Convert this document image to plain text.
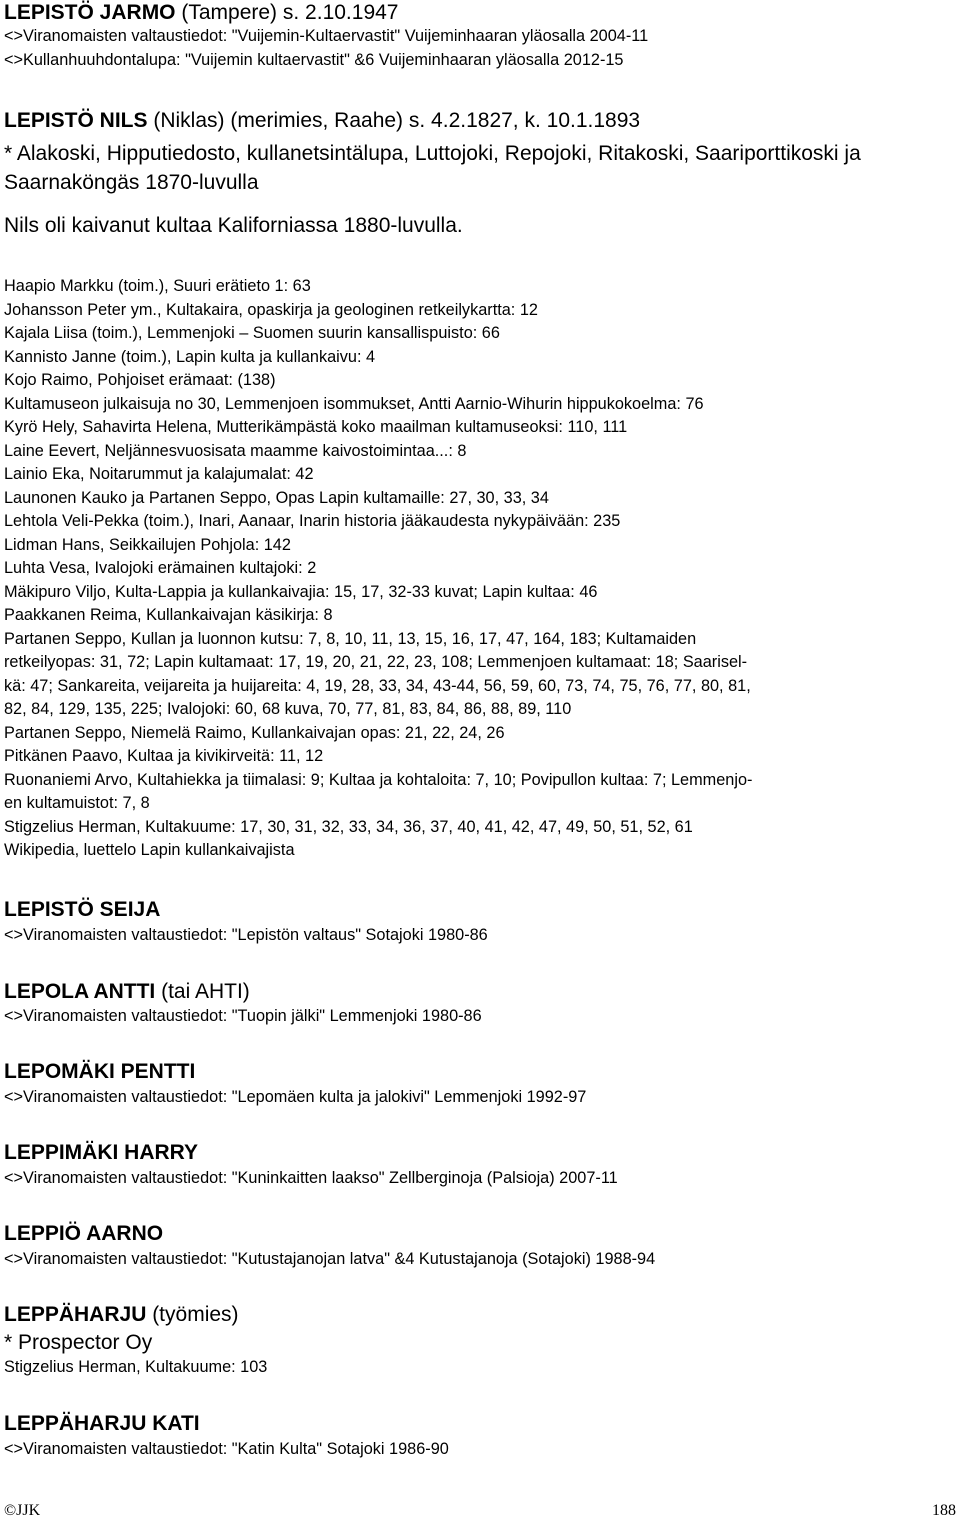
LEPISTÖ JARMO (Tampere) s. 2.10.1947
<>Viranomaisten valtaustiedot: "Vuijemin-Kultaervastit" Vuijeminhaaran yläosalla 2004-11
<>Kullanhuuhdontalupa: "Vuijemin kultaervastit" &6 Vuijeminhaaran yläosalla 2012-15
LEPISTÖ NILS (Niklas) (merimies, Raahe) s. 4.2.1827, k. 10.1.1893
* Alakoski, Hipputiedosto, kullanetsintälupa, Luttojoki, Repojoki, Ritakoski, Saariporttikoski ja Saarnaköngäs 1870-luvulla
Nils oli kaivanut kultaa Kaliforniassa 1880-luvulla.
Haapio Markku (toim.), Suuri erätieto 1: 63
Johansson Peter ym., Kultakaira, opaskirja ja geologinen retkeilykartta: 12
Kajala Liisa (toim.), Lemmenjoki – Suomen suurin kansallispuisto: 66
Kannisto Janne (toim.), Lapin kulta ja kullankaivu: 4
Kojo Raimo, Pohjoiset erämaat: (138)
Kultamuseon julkaisuja no 30, Lemmenjoen isommukset, Antti Aarnio-Wihurin hippukokoelma: 76
Kyrö Hely, Sahavirta Helena, Mutterikämpästä koko maailman kultamuseoksi: 110, 111
Laine Eevert, Neljännesvuosisata maamme kaivostoimintaa...: 8
Lainio Eka, Noitarummut ja kalajumalat: 42
Launonen Kauko ja Partanen Seppo, Opas Lapin kultamaille: 27, 30, 33, 34
Lehtola Veli-Pekka (toim.), Inari, Aanaar, Inarin historia jääkaudesta nykypäivään: 235
Lidman Hans, Seikkailujen Pohjola: 142
Luhta Vesa, Ivalojoki erämainen kultajoki: 2
Mäkipuro Viljo, Kulta-Lappia ja kullankaivajia: 15, 17, 32-33 kuvat; Lapin kultaa: 46
Paakkanen Reima, Kullankaivajan käsikirja: 8
Partanen Seppo, Kullan ja luonnon kutsu: 7, 8, 10, 11, 13, 15, 16, 17, 47, 164, 183; Kultamaiden
retkeilyopas: 31, 72; Lapin kultamaat: 17, 19, 20, 21, 22, 23, 108; Lemmenjoen kultamaat: 18; Saarisel-
kä: 47; Sankareita, veijareita ja huijareita: 4, 19, 28, 33, 34, 43-44, 56, 59, 60, 73, 74, 75, 76, 77, 80, 81,
82, 84, 129, 135, 225; Ivalojoki: 60, 68 kuva, 70, 77, 81, 83, 84, 86, 88, 89, 110
Partanen Seppo, Niemelä Raimo, Kullankaivajan opas: 21, 22, 24, 26
Pitkänen Paavo, Kultaa ja kivikirveitä: 11, 12
Ruonaniemi Arvo, Kultahiekka ja tiimalasi: 9; Kultaa ja kohtaloita: 7, 10; Povipullon kultaa: 7; Lemmenjo-
en kultamuistot: 7, 8
Stigzelius Herman, Kultakuume: 17, 30, 31, 32, 33, 34, 36, 37, 40, 41, 42, 47, 49, 50, 51, 52, 61
Wikipedia, luettelo Lapin kullankaivajista
LEPISTÖ SEIJA
<>Viranomaisten valtaustiedot: "Lepistön valtaus" Sotajoki 1980-86
LEPOLA ANTTI (tai AHTI)
<>Viranomaisten valtaustiedot: "Tuopin jälki" Lemmenjoki 1980-86
LEPOMÄKI PENTTI
<>Viranomaisten valtaustiedot: "Lepomäen kulta ja jalokivi" Lemmenjoki 1992-97
LEPPIMÄKI HARRY
<>Viranomaisten valtaustiedot: "Kuninkaitten laakso" Zellberginoja (Palsioja) 2007-11
LEPPIÖ AARNO
<>Viranomaisten valtaustiedot: "Kutustajanojan latva" &4 Kutustajanoja (Sotajoki) 1988-94
LEPPÄHARJU (työmies)
* Prospector Oy
Stigzelius Herman, Kultakuume: 103
LEPPÄHARJU KATI
<>Viranomaisten valtaustiedot: "Katin Kulta" Sotajoki 1986-90
©JJK	188
